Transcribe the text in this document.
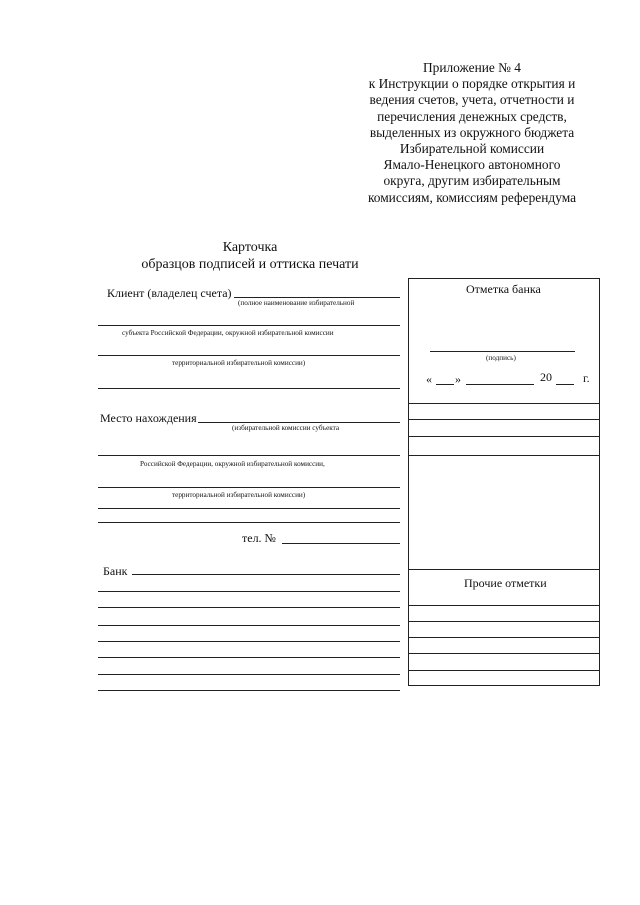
Приложение № 4
к Инструкции о порядке открытия и
ведения счетов, учета, отчетности и
перечисления денежных средств,
выделенных из окружного бюджета
Избирательной комиссии
Ямало-Ненецкого автономного
округа, другим избирательным
комиссиям, комиссиям референдума
Карточка
образцов подписей и оттиска печати
Клиент (владелец счета)
(полное наименование избирательной
субъекта Российской Федерации, окружной избирательной комиссии
территориальной избирательной комиссии)
Место нахождения
(избирательной комиссии субъекта
Российской Федерации, окружной избирательной комиссии,
территориальной избирательной комиссии)
тел. №
Банк
Отметка банка
(подпись)
« »	20	г.
Прочие отметки
